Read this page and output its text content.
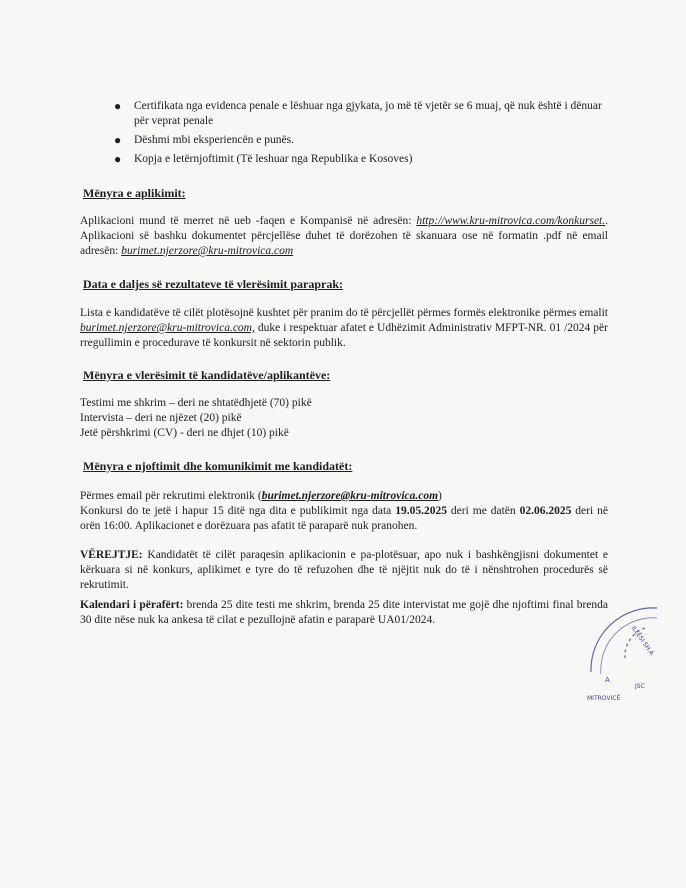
● Certifikata nga evidenca penale e lëshuar nga gjykata, jo më të vjetër se 6 muaj, që nuk është i dënuar për veprat penale
● Dëshmi mbi eksperiencën e punës.
● Kopja e letërnjoftimit (Të leshuar nga Republika e Kosoves)
Mënyra e aplikimit:
Aplikacioni mund të merret në ueb -faqen e Kompanisë në adresën: http://www.kru-mitrovica.com/konkurset.. Aplikacioni së bashku dokumentet përcjellëse duhet të dorëzohen të skanuara ose në formatin .pdf në email adresën: burimet.njerzore@kru-mitrovica.com
Data e daljes së rezultateve të vlerësimit paraprak:
Lista e kandidatëve të cilët plotësojnë kushtet për pranim do të përcjellët përmes formës elektronike përmes emalit burimet.njerzore@kru-mitrovica.com, duke i respektuar afatet e Udhëzimit Administrativ MFPT-NR. 01 /2024 për rregullimin e procedurave të konkursit në sektorin publik.
Mënyra e vlerësimit të kandidatëve/aplikantëve:
Testimi me shkrim – deri ne shtatëdhjetë (70) pikë
Intervista – deri ne njëzet (20) pikë
Jetë përshkrimi (CV) - deri ne dhjet (10) pikë
Mënyra e njoftimit dhe komunikimit me kandidatët:
Përmes email për rekrutimi elektronik (burimet.njerzore@kru-mitrovica.com)
Konkursi do te jetë i hapur 15 ditë nga dita e publikimit nga data 19.05.2025 deri me datën 02.06.2025 deri në orën 16:00. Aplikacionet e dorëzuara pas afatit të paraparë nuk pranohen.
VËREJTJE: Kandidatët të cilët paraqesin aplikacionin e pa-plotësuar, apo nuk i bashkëngjisni dokumentet e kërkuara si në konkurs, aplikimet e tyre do të refuzohen dhe të njëjtit nuk do të i nënshtrohen procedurës së rekrutimit.
Kalendari i përafërt: brenda 25 dite testi me shkrim, brenda 25 dite intervistat me gojë dhe njoftimi final brenda 30 dite nëse nuk ka ankesa të cilat e pezullojnë afatin e paraparë UA01/2024.
ILLËSI SH.A
MITROVICË
JSC
A
